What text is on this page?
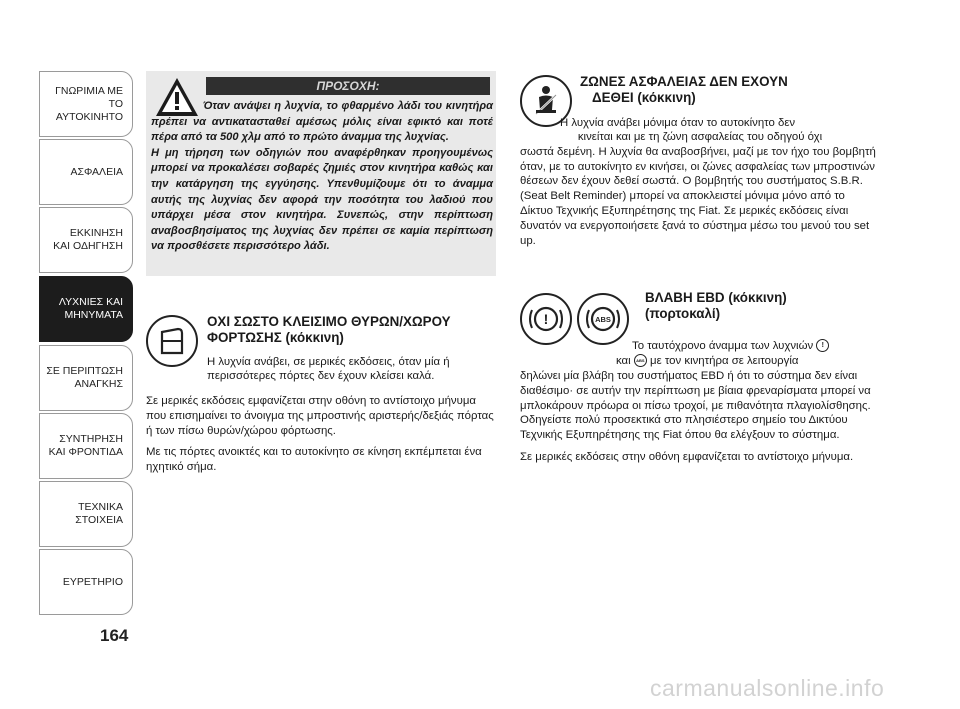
ΓΝΩΡΙΜΙΑ ΜΕ
ΤΟ ΑΥΤΟΚΙΝΗΤΟ
ΑΣΦΑΛΕΙΑ
ΕΚΚΙΝΗΣΗ
ΚΑΙ ΟΔΗΓΗΣΗ
ΛΥΧΝΙΕΣ ΚΑΙ
ΜΗΝΥΜΑΤΑ
ΣΕ ΠΕΡΙΠΤΩΣΗ
ΑΝΑΓΚΗΣ
ΣΥΝΤΗΡΗΣΗ
ΚΑΙ ΦΡΟΝΤΙΔΑ
ΤΕΧΝΙΚΑ
ΣΤΟΙΧΕΙΑ
ΕΥΡΕΤΗΡΙΟ
164
ΠΡΟΣΟΧΗ:

Όταν ανάψει η λυχνία, το φθαρμένο λάδι του κινητήρα πρέπει να αντικατασταθεί αμέσως μόλις είναι εφικτό και ποτέ πέρα από τα 500 χλμ από το πρώτο άναμμα της λυχνίας.

Η μη τήρηση των οδηγιών που αναφέρθηκαν προηγουμένως μπορεί να προκαλέσει σοβαρές ζημιές στον κινητήρα καθώς και την κατάργηση της εγγύησης. Υπενθυμίζουμε ότι το άναμμα αυτής της λυχνίας δεν αφορά την ποσότητα του λαδιού που υπάρχει μέσα στον κινητήρα. Συνεπώς, στην περίπτωση αναβοσβησίματος της λυχνίας δεν πρέπει σε καμία περίπτωση να προσθέσετε περισσότερο λάδι.

ΟΧΙ ΣΩΣΤΟ ΚΛΕΙΣΙΜΟ ΘΥΡΩΝ/ΧΩΡΟΥ
ΦΟΡΤΩΣΗΣ (κόκκινη)
Η λυχνία ανάβει, σε μερικές εκδόσεις, όταν μία ή
περισσότερες πόρτες δεν έχουν κλείσει καλά.

Σε μερικές εκδόσεις εμφανίζεται στην οθόνη το αντίστοιχο μήνυμα που επισημαίνει το άνοιγμα της μπροστινής αριστερής/δεξιάς πόρτας ή των πίσω θυρών/χώρου φόρτωσης.

Με τις πόρτες ανοικτές και το αυτοκίνητο σε κίνηση εκπέμπεται ένα ηχητικό σήμα.

ΖΩΝΕΣ ΑΣΦΑΛΕΙΑΣ ΔΕΝ ΕΧΟΥΝ
ΔΕΘΕΙ (κόκκινη)
Η λυχνία ανάβει μόνιμα όταν το αυτοκίνητο δεν

κινείται και με τη ζώνη ασφαλείας του οδηγού όχι

σωστά δεμένη. Η λυχνία θα αναβοσβήνει, μαζί με τον ήχο του βομβητή όταν, με το αυτοκίνητο εν κινήσει, οι ζώνες ασφαλείας των μπροστινών θέσεων δεν έχουν δεθεί σωστά. Ο βομβητής του συστήματος S.B.R. (Seat Belt Reminder) μπορεί να αποκλειστεί μόνιμα μόνο από το Δίκτυο Τεχνικής Εξυπηρέτησης της Fiat. Σε μερικές εκδόσεις είναι δυνατόν να ενεργοποιήσετε ξανά το σύστημα μέσω του μενού του set up.

!	ABS
ΒΛΑΒΗ EBD (κόκκινη)
(πορτοκαλί)
Το ταυτόχρονο άναμμα των λυχνιών !
και ABS με τον κινητήρα σε λειτουργία

δηλώνει μία βλάβη του συστήματος EBD ή ότι το σύστημα δεν είναι διαθέσιμο· σε αυτήν την περίπτωση με βίαια φρεναρίσματα μπορεί να μπλοκάρουν πρόωρα οι πίσω τροχοί, με πιθανότητα πλαγιολίσθησης. Οδηγείστε πολύ προσεκτικά στο πλησιέστερο σημείο του Δικτύου Τεχνικής Εξυπηρέτησης της Fiat όπου θα ελέγξουν το σύστημα.

Σε μερικές εκδόσεις στην οθόνη εμφανίζεται το αντίστοιχο μήνυμα.

carmanualsonline.info
